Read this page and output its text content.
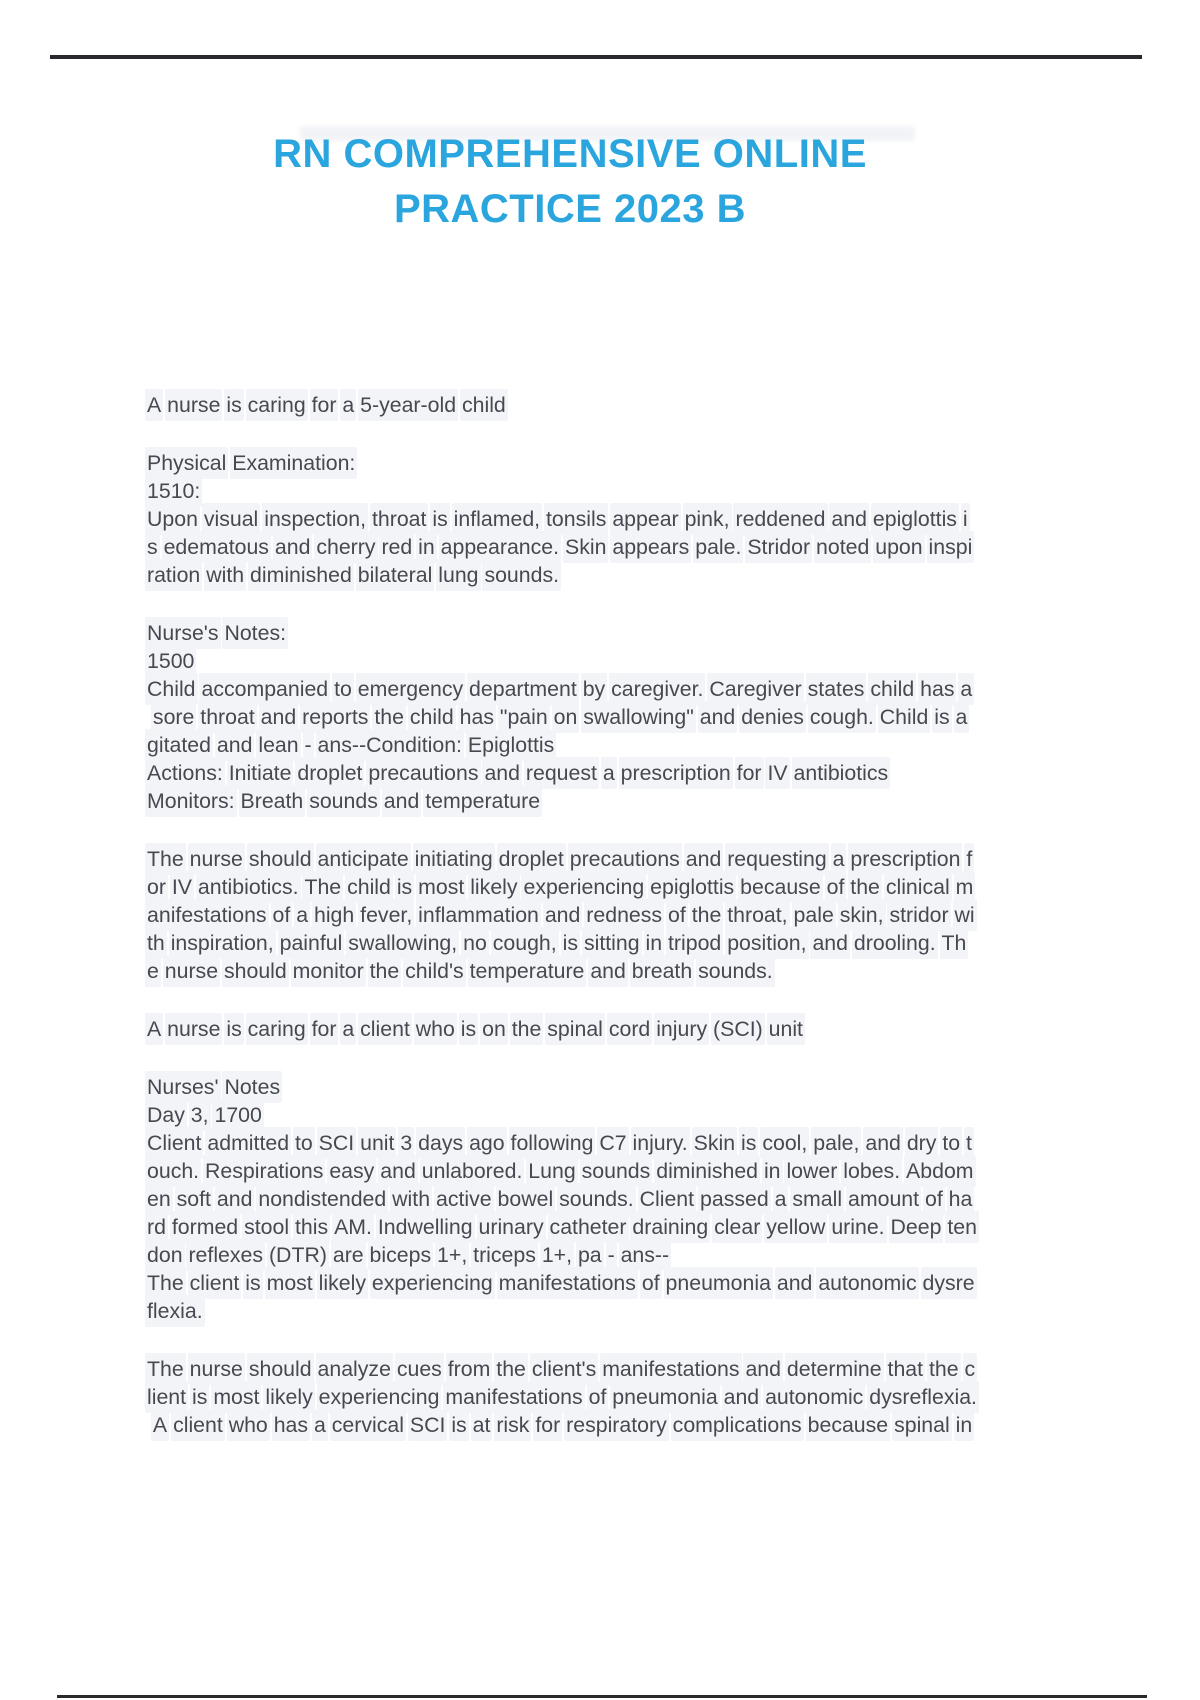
RN COMPREHENSIVE ONLINE
PRACTICE 2023 B
A nurse is caring for a 5-year-old child
Physical Examination:
1510:
Upon visual inspection, throat is inflamed, tonsils appear pink, reddened and epiglottis i
s edematous and cherry red in appearance. Skin appears pale. Stridor noted upon inspi
ration with diminished bilateral lung sounds.
Nurse's Notes:
1500
Child accompanied to emergency department by caregiver. Caregiver states child has a
sore throat and reports the child has "pain on swallowing" and denies cough. Child is a
gitated and lean - ans--Condition: Epiglottis
Actions: Initiate droplet precautions and request a prescription for IV antibiotics
Monitors: Breath sounds and temperature
The nurse should anticipate initiating droplet precautions and requesting a prescription f
or IV antibiotics. The child is most likely experiencing epiglottis because of the clinical m
anifestations of a high fever, inflammation and redness of the throat, pale skin, stridor wi
th inspiration, painful swallowing, no cough, is sitting in tripod position, and drooling. Th
e nurse should monitor the child's temperature and breath sounds.
A nurse is caring for a client who is on the spinal cord injury (SCI) unit
Nurses' Notes
Day 3, 1700
Client admitted to SCI unit 3 days ago following C7 injury. Skin is cool, pale, and dry to t
ouch. Respirations easy and unlabored. Lung sounds diminished in lower lobes. Abdom
en soft and nondistended with active bowel sounds. Client passed a small amount of ha
rd formed stool this AM. Indwelling urinary catheter draining clear yellow urine. Deep ten
don reflexes (DTR) are biceps 1+, triceps 1+, pa - ans--
The client is most likely experiencing manifestations of pneumonia and autonomic dysre
flexia.
The nurse should analyze cues from the client's manifestations and determine that the c
lient is most likely experiencing manifestations of pneumonia and autonomic dysreflexia.
A client who has a cervical SCI is at risk for respiratory complications because spinal in
